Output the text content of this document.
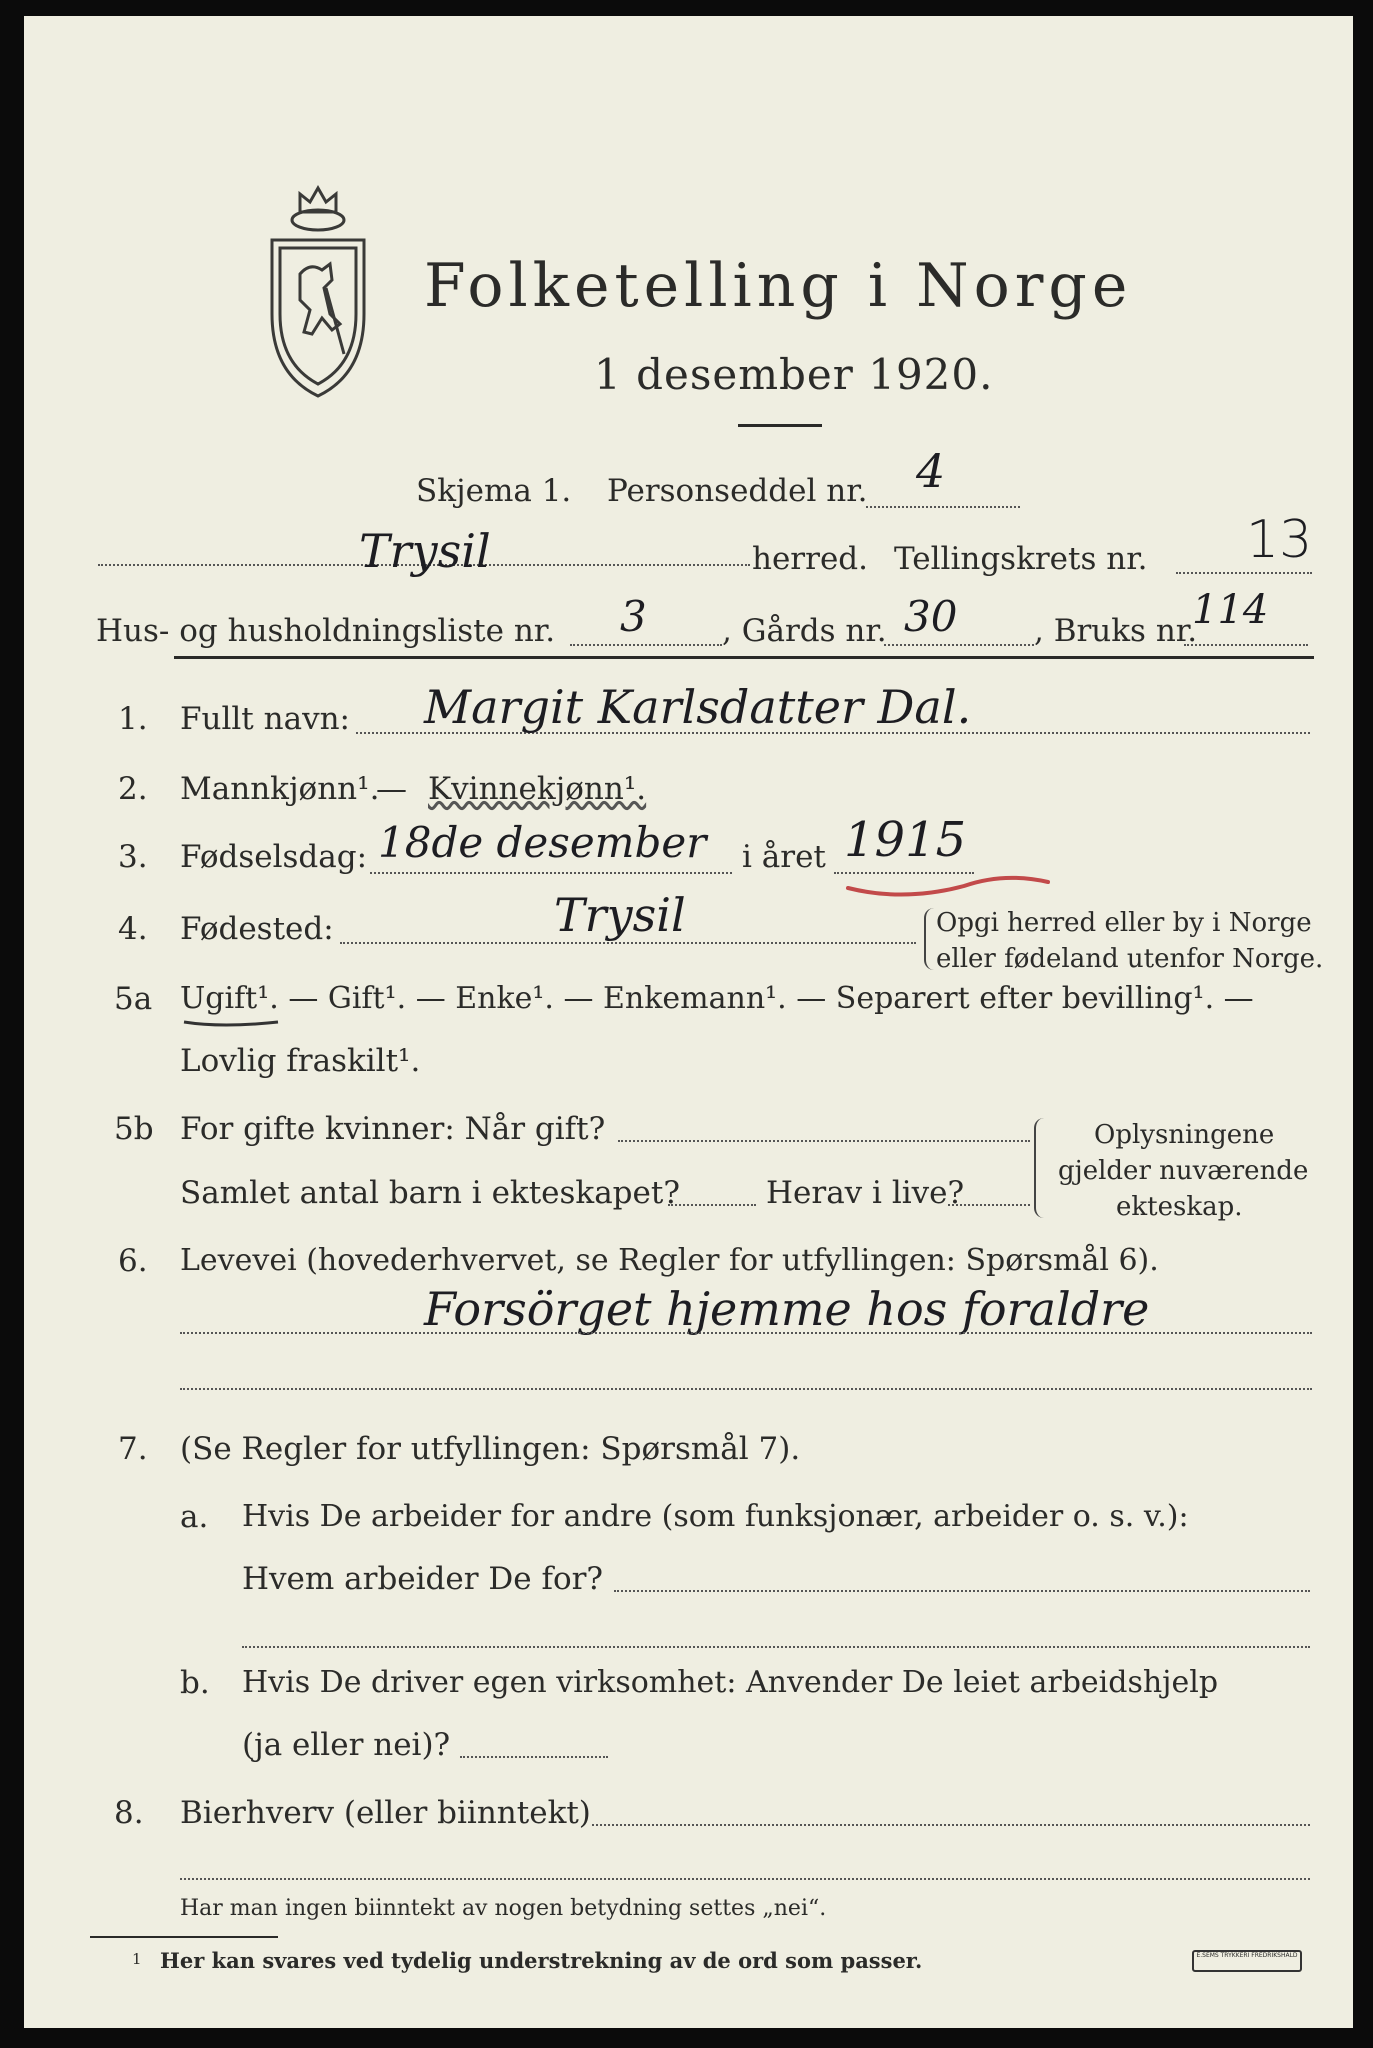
Folketelling i Norge
1 desember 1920.
Skjema 1. Personseddel nr. 4
Trysil	herred. Tellingskrets nr. 13
Hus- og husholdningsliste nr. 3 , Gårds nr. 30 , Bruks nr.
114
1. Fullt navn: Margit Karlsdatter Dal.
2. Mannkjønn¹.
— Kvinnekjønn¹.
3. Fødselsdag: 18de desember i året 1915
4. Fødested:	Trysil	Opgi herred eller by i Norge
eller fødeland utenfor Norge.
5a Ugift¹. — Gift¹. — Enke¹. — Enkemann¹. — Separert efter bevilling¹. —
Lovlig fraskilt¹.
5b For gifte kvinner: Når gift?
Samlet antal barn i ekteskapet?	Herav i live?
Oplysningene
gjelder nuværende
ekteskap.
6. Levevei (hovederhvervet, se Regler for utfyllingen: Spørsmål 6).
Forsörget hjemme hos foraldre
7. (Se Regler for utfyllingen: Spørsmål 7).
a. Hvis De arbeider for andre (som funksjonær, arbeider o. s. v.):
Hvem arbeider De for?
b. Hvis De driver egen virksomhet: Anvender De leiet arbeidshjelp
(ja eller nei)?
8. Bierhverv (eller biinntekt)
Har man ingen biinntekt av nogen betydning settes „nei“.
1 Her kan svares ved tydelig understrekning av de ord som passer.	E.SEMS TRYKKERI FREDRIKSHALD
